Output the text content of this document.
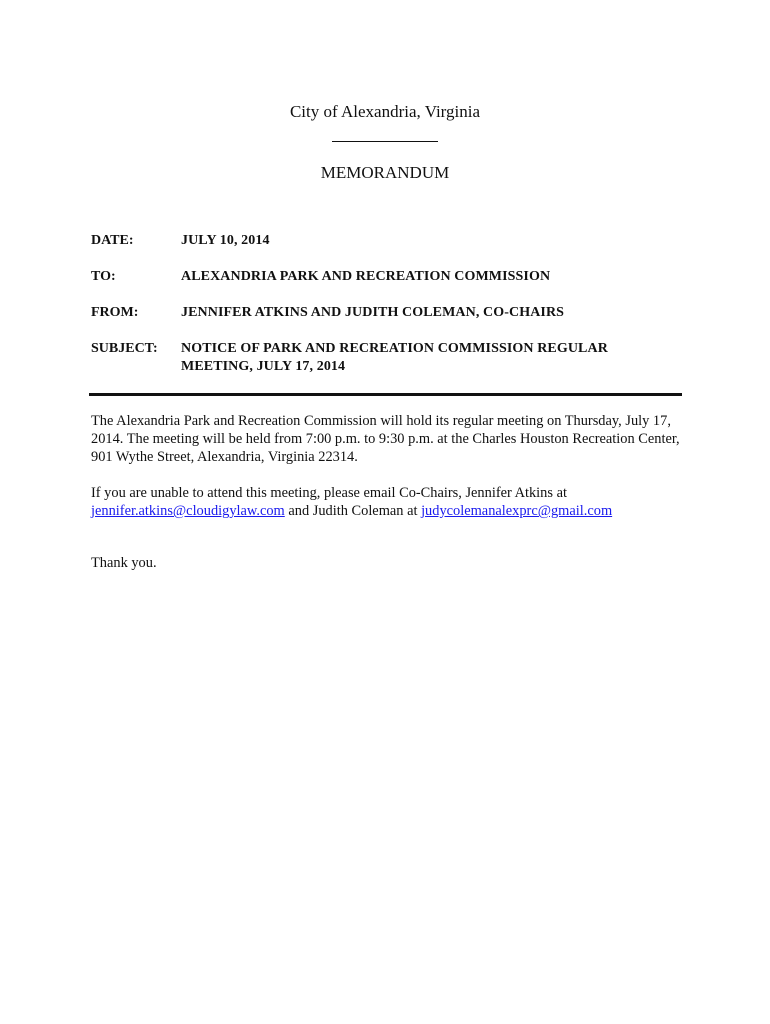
City of Alexandria, Virginia
MEMORANDUM
DATE:	JULY 10, 2014
TO:	ALEXANDRIA PARK AND RECREATION COMMISSION
FROM:	JENNIFER ATKINS AND JUDITH COLEMAN, CO-CHAIRS
SUBJECT:	NOTICE OF PARK AND RECREATION COMMISSION REGULAR MEETING, JULY 17, 2014

The Alexandria Park and Recreation Commission will hold its regular meeting on Thursday, July 17, 2014. The meeting will be held from 7:00 p.m. to 9:30 p.m. at the Charles Houston Recreation Center, 901 Wythe Street, Alexandria, Virginia 22314.

If you are unable to attend this meeting, please email Co-Chairs, Jennifer Atkins at jennifer.atkins@cloudigylaw.com and Judith Coleman at judycolemanalexprc@gmail.com

Thank you.
